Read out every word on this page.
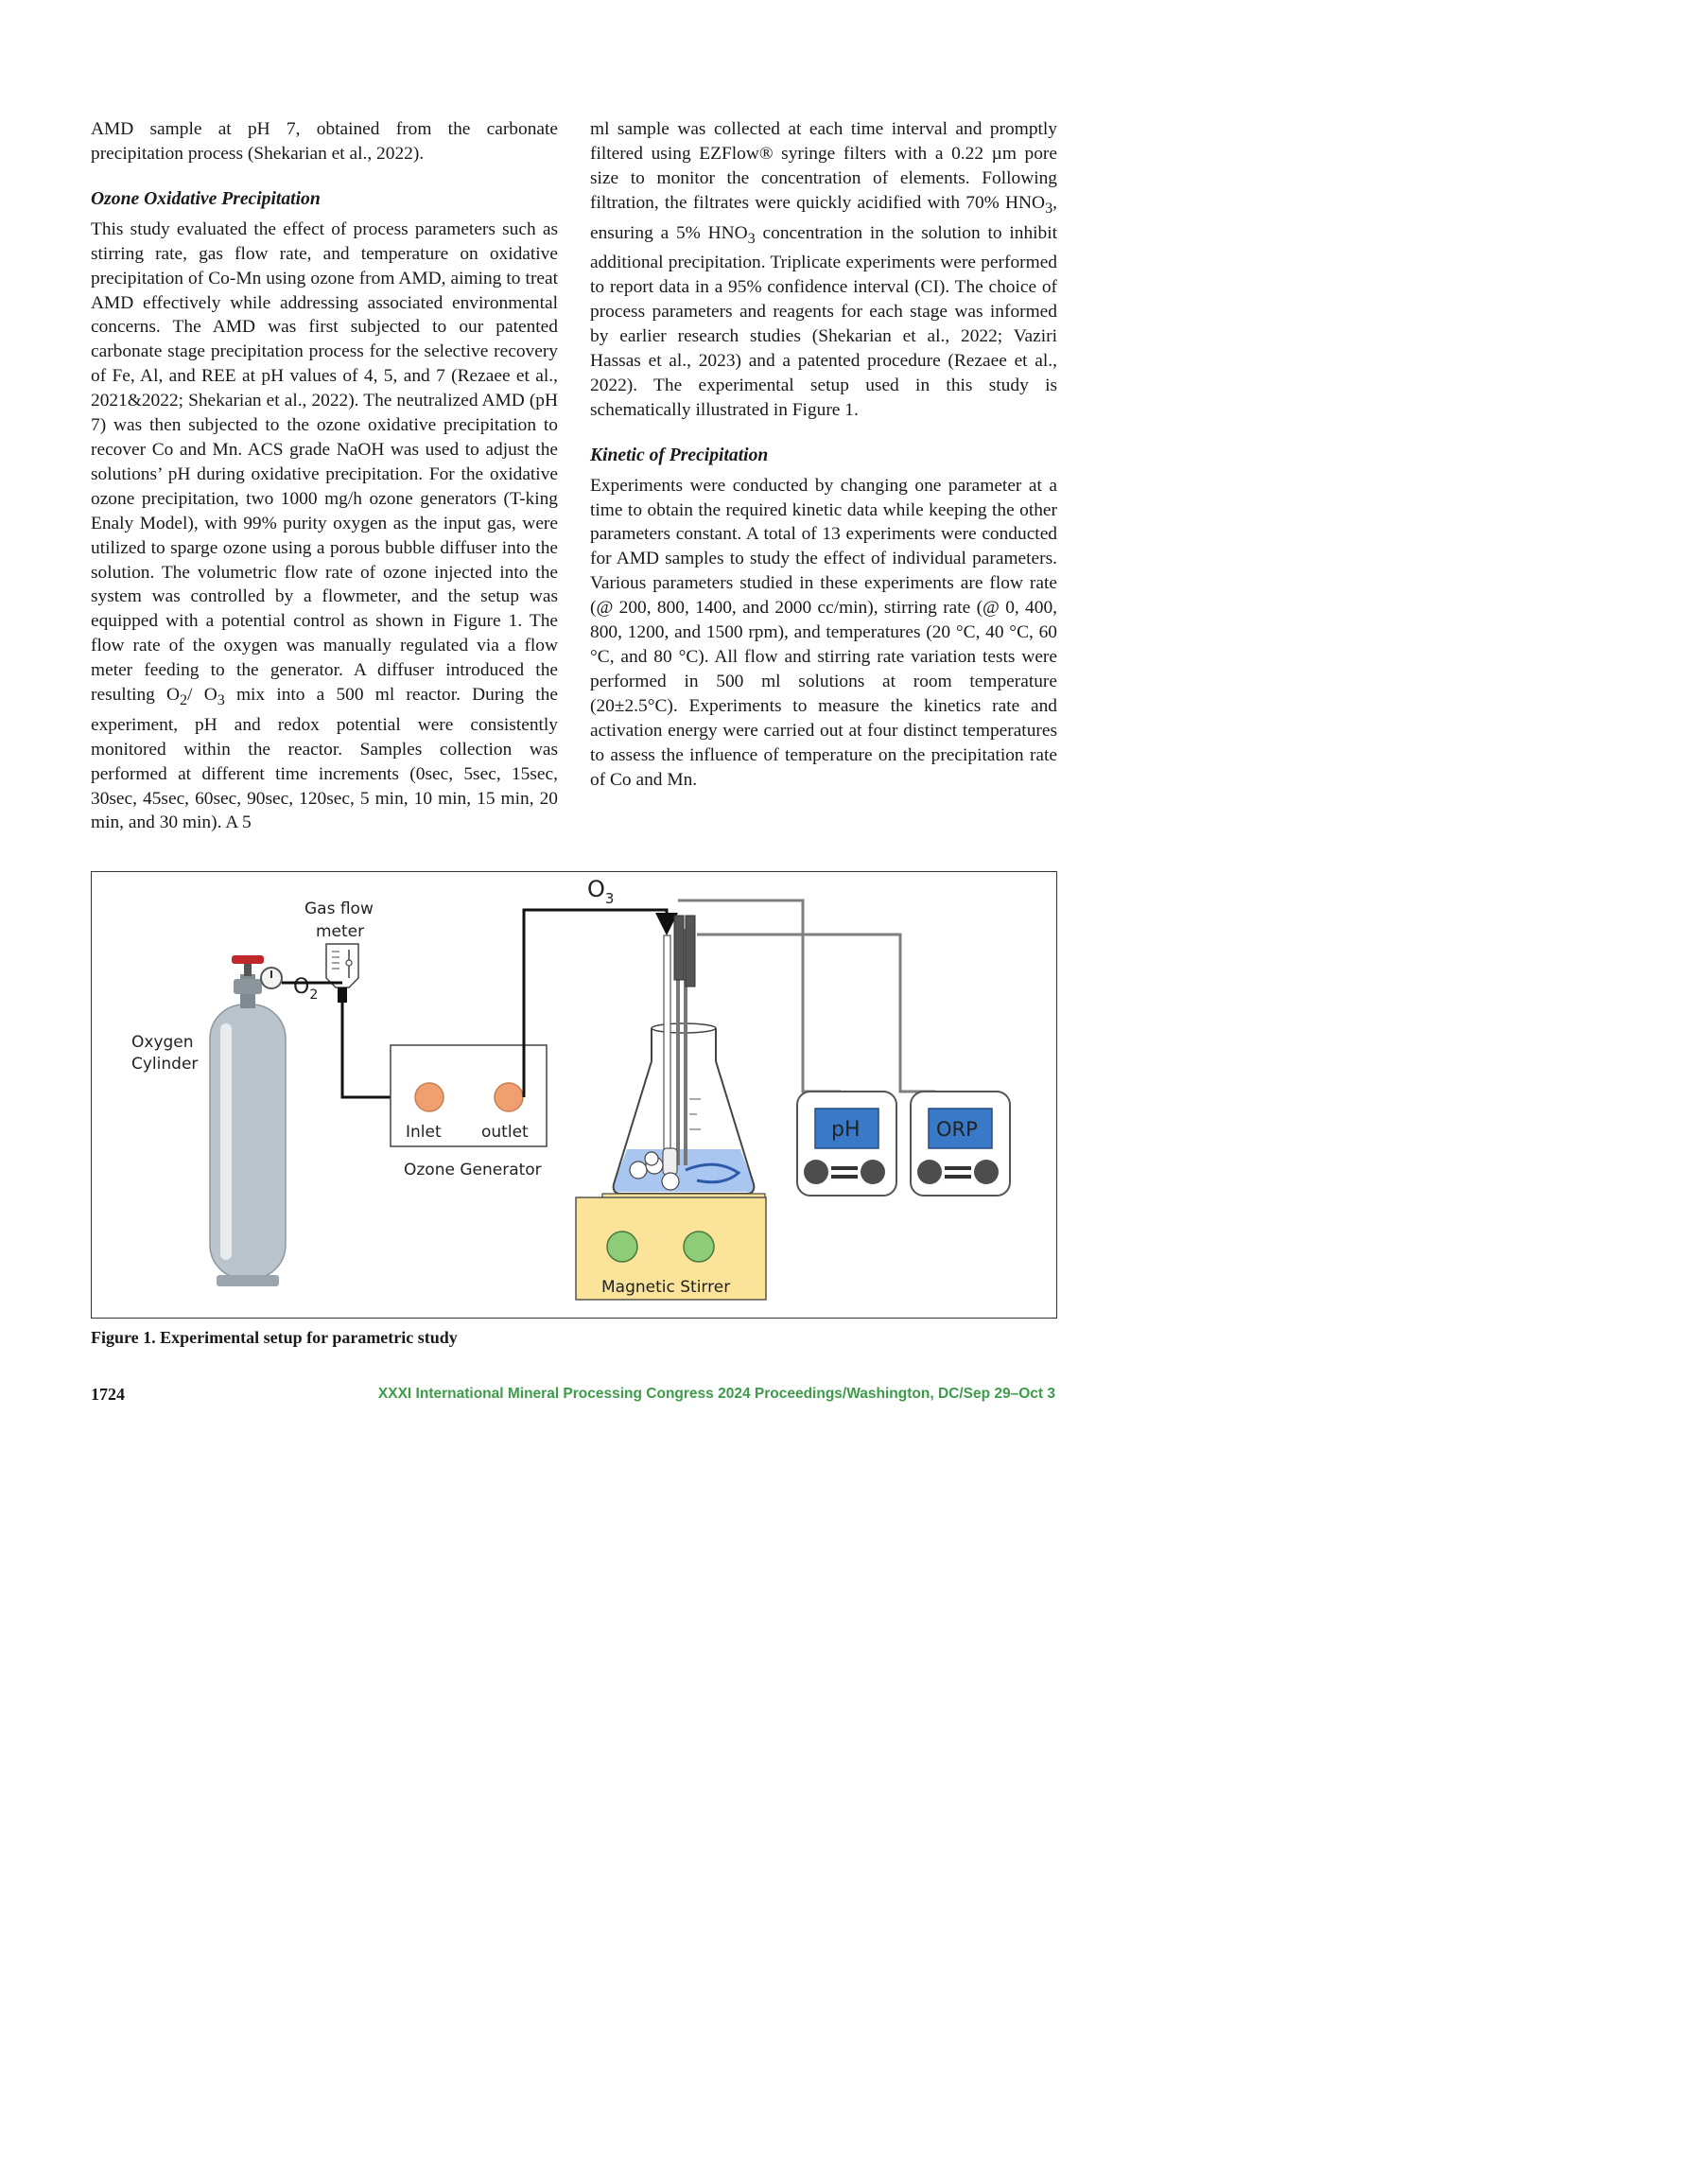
AMD sample at pH 7, obtained from the carbonate precipitation process (Shekarian et al., 2022).

Ozone Oxidative Precipitation

This study evaluated the effect of process parameters such as stirring rate, gas flow rate, and temperature on oxidative precipitation of Co-Mn using ozone from AMD, aiming to treat AMD effectively while addressing associated environmental concerns. The AMD was first subjected to our patented carbonate stage precipitation process for the selective recovery of Fe, Al, and REE at pH values of 4, 5, and 7 (Rezaee et al., 2021&2022; Shekarian et al., 2022). The neutralized AMD (pH 7) was then subjected to the ozone oxidative precipitation to recover Co and Mn. ACS grade NaOH was used to adjust the solutions’ pH during oxidative precipitation. For the oxidative ozone precipitation, two 1000 mg/h ozone generators (T-king Enaly Model), with 99% purity oxygen as the input gas, were utilized to sparge ozone using a porous bubble diffuser into the solution. The volumetric flow rate of ozone injected into the system was controlled by a flowmeter, and the setup was equipped with a potential control as shown in Figure 1. The flow rate of the oxygen was manually regulated via a flow meter feeding to the generator. A diffuser introduced the resulting $O_2/$ $O_3$ mix into a 500 ml reactor. During the experiment, pH and redox potential were consistently monitored within the reactor. Samples collection was performed at different time increments (0sec, 5sec, 15sec, 30sec, 45sec, 60sec, 90sec, 120sec, 5 min, 10 min, 15 min, 20 min, and 30 min). A 5

ml sample was collected at each time interval and promptly filtered using EZFlow® syringe filters with a 0.22 µm pore size to monitor the concentration of elements. Following filtration, the filtrates were quickly acidified with 70% $HNO_3$, ensuring a 5% $HNO_3$ concentration in the solution to inhibit additional precipitation. Triplicate experiments were performed to report data in a 95% confidence interval (CI). The choice of process parameters and reagents for each stage was informed by earlier research studies (Shekarian et al., 2022; Vaziri Hassas et al., 2023) and a patented procedure (Rezaee et al., 2022). The experimental setup used in this study is schematically illustrated in Figure 1.

Kinetic of Precipitation

Experiments were conducted by changing one parameter at a time to obtain the required kinetic data while keeping the other parameters constant. A total of 13 experiments were conducted for AMD samples to study the effect of individual parameters. Various parameters studied in these experiments are flow rate (@ 200, 800, 1400, and 2000 cc/min), stirring rate (@ 0, 400, 800, 1200, and 1500 rpm), and temperatures (20 °C, 40 °C, 60 °C, and 80 °C). All flow and stirring rate variation tests were performed in 500 ml solutions at room temperature (20±2.5°C). Experiments to measure the kinetics rate and activation energy were carried out at four distinct temperatures to assess the influence of temperature on the precipitation rate of Co and Mn.

Oxygen
Cylinder
Gas flow
meter
$O_2$
Inlet outlet
Ozone Generator
$O_3$
Magnetic Stirrer
pH	ORP
Figure 1. Experimental setup for parametric study
1724	XXXI International Mineral Processing Congress 2024 Proceedings/Washington, DC/Sep 29–Oct 3
